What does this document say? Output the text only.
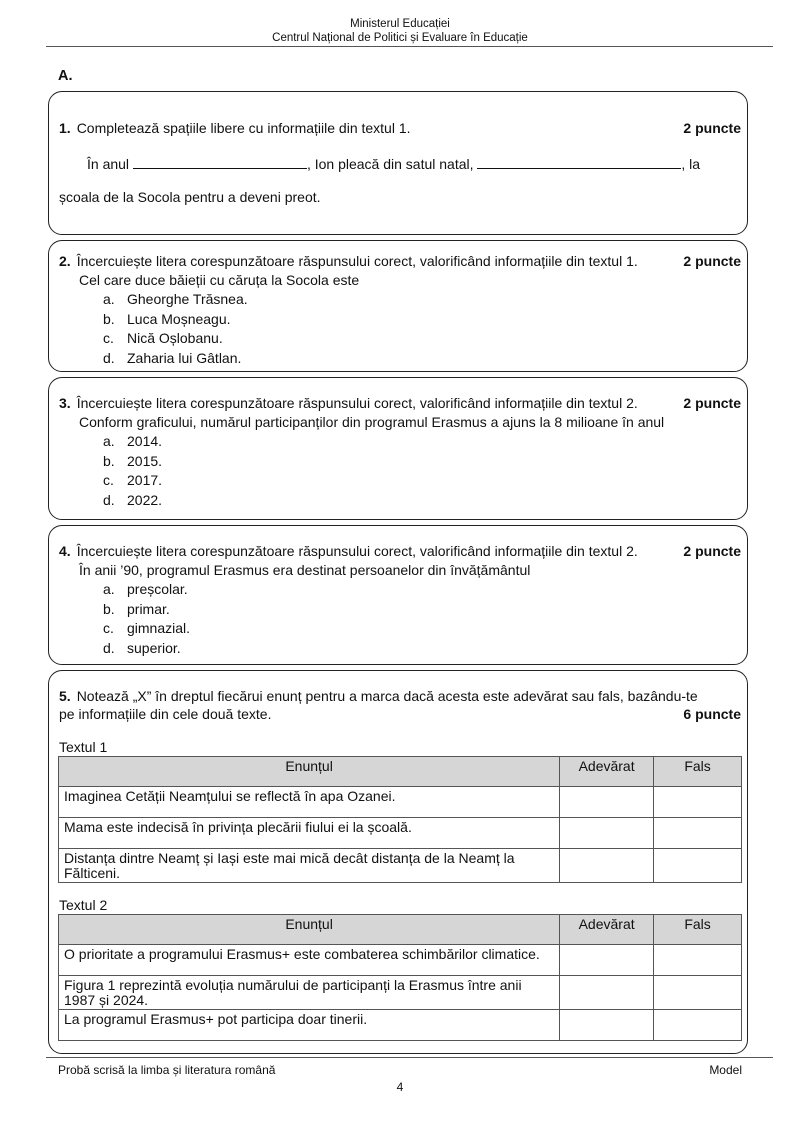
Ministerul Educației
Centrul Național de Politici și Evaluare în Educație
A.
1. Completează spațiile libere cu informațiile din textul 1.	2 puncte
În anul	, Ion pleacă din satul natal,	, la
școala de la Socola pentru a deveni preot.
2. Încercuiește litera corespunzătoare răspunsului corect, valorificând informațiile din textul 1.	2 puncte
Cel care duce băieții cu căruța la Socola este
a. Gheorghe Trăsnea.
b. Luca Moșneagu.
c. Nică Oșlobanu.
d. Zaharia lui Gâtlan.
3. Încercuiește litera corespunzătoare răspunsului corect, valorificând informațiile din textul 2.	2 puncte
Conform graficului, numărul participanților din programul Erasmus a ajuns la 8 milioane în anul
a. 2014.
b. 2015.
c. 2017.
d. 2022.
4. Încercuiește litera corespunzătoare răspunsului corect, valorificând informațiile din textul 2.	2 puncte
În anii ’90, programul Erasmus era destinat persoanelor din învățământul
a. preșcolar.
b. primar.
c. gimnazial.
d. superior.
5. Notează „X” în dreptul fiecărui enunț pentru a marca dacă acesta este adevărat sau fals, bazându-te
pe informațiile din cele două texte.	6 puncte
Textul 1
Enunțul	Adevărat	Fals
Imaginea Cetății Neamțului se reflectă în apa Ozanei.		
Mama este indecisă în privința plecării fiului ei la școală.		
Distanța dintre Neamț și Iași este mai mică decât distanța de la Neamț la Fălticeni.		
Textul 2
Enunțul	Adevărat	Fals
O prioritate a programului Erasmus+ este combaterea schimbărilor climatice.		
Figura 1 reprezintă evoluția numărului de participanți la Erasmus între anii 1987 și 2024.		
La programul Erasmus+ pot participa doar tinerii.		
Probă scrisă la limba și literatura română	Model
4
